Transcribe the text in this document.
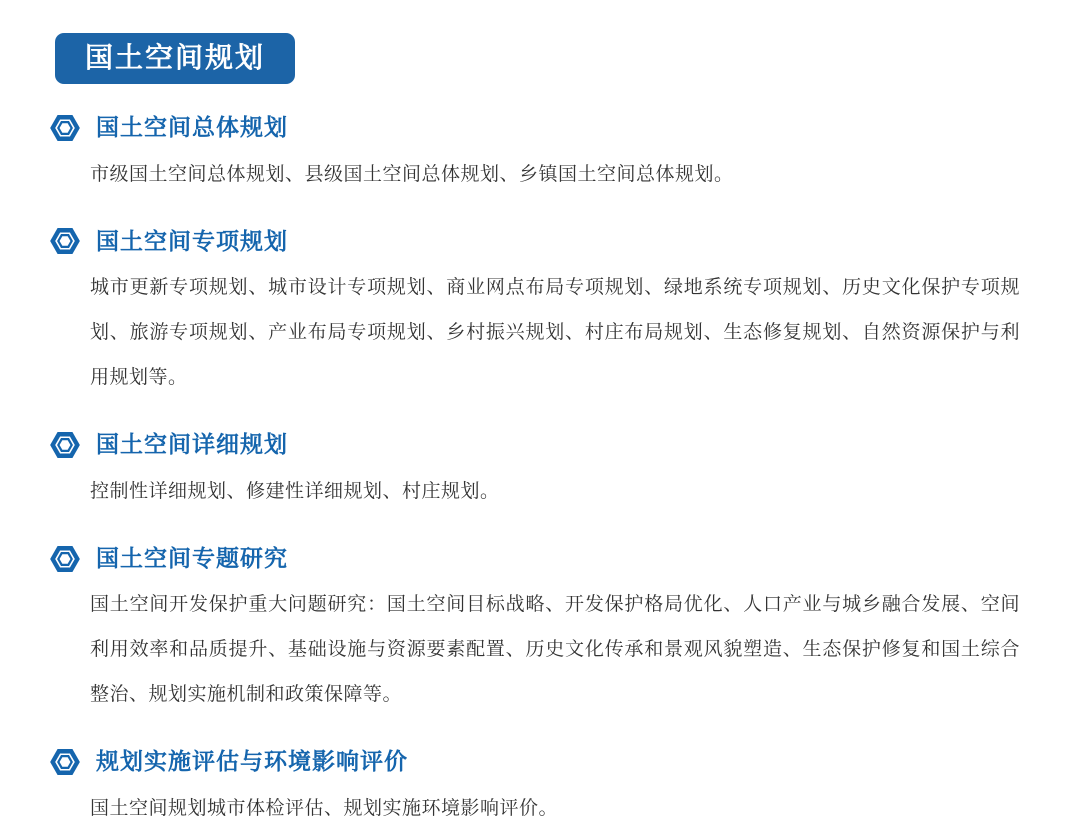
国土空间规划
国土空间总体规划

市级国土空间总体规划、县级国土空间总体规划、乡镇国土空间总体规划。

国土空间专项规划

城市更新专项规划、城市设计专项规划、商业网点布局专项规划、绿地系统专项规划、历史文化保护专项规划、旅游专项规划、产业布局专项规划、乡村振兴规划、村庄布局规划、生态修复规划、自然资源保护与利用规划等。

国土空间详细规划

控制性详细规划、修建性详细规划、村庄规划。

国土空间专题研究

国土空间开发保护重大问题研究：国土空间目标战略、开发保护格局优化、人口产业与城乡融合发展、空间利用效率和品质提升、基础设施与资源要素配置、历史文化传承和景观风貌塑造、生态保护修复和国土综合整治、规划实施机制和政策保障等。

规划实施评估与环境影响评价

国土空间规划城市体检评估、规划实施环境影响评价。
